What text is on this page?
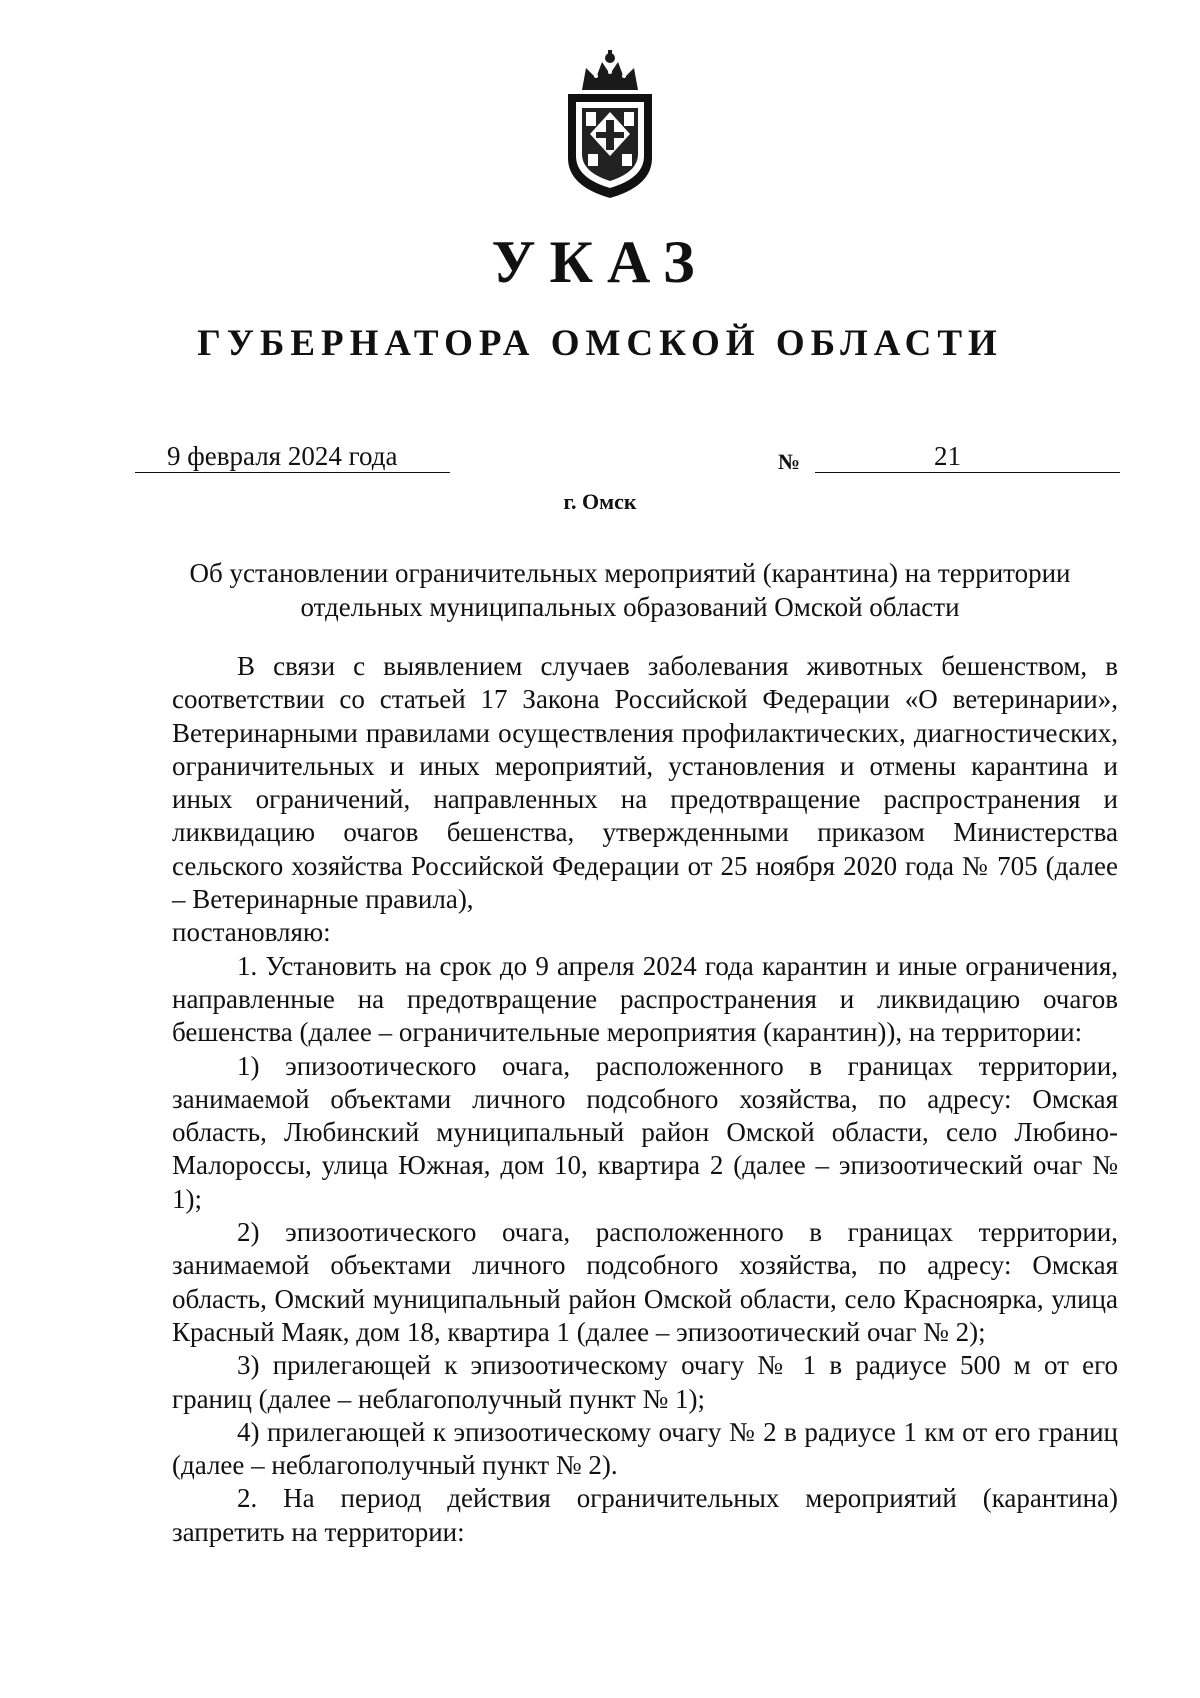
УКАЗ
ГУБЕРНАТОРА ОМСКОЙ ОБЛАСТИ
9 февраля 2024 года	№	21
г. Омск
Об установлении ограничительных мероприятий (карантина) на территории отдельных муниципальных образований Омской области

В связи с выявлением случаев заболевания животных бешенством, в соответствии со статьей 17 Закона Российской Федерации «О ветеринарии», Ветеринарными правилами осуществления профилактических, диагностических, ограничительных и иных мероприятий, установления и отмены карантина и иных ограничений, направленных на предотвращение распространения и ликвидацию очагов бешенства, утвержденными приказом Министерства сельского хозяйства Российской Федерации от 25 ноября 2020 года № 705 (далее – Ветеринарные правила),

постановляю:

1. Установить на срок до 9 апреля 2024 года карантин и иные ограничения, направленные на предотвращение распространения и ликвидацию очагов бешенства (далее – ограничительные мероприятия (карантин)), на территории:

1) эпизоотического очага, расположенного в границах территории, занимаемой объектами личного подсобного хозяйства, по адресу: Омская область, Любинский муниципальный район Омской области, село Любино-Малороссы, улица Южная, дом 10, квартира 2 (далее – эпизоотический очаг № 1);

2) эпизоотического очага, расположенного в границах территории, занимаемой объектами личного подсобного хозяйства, по адресу: Омская область, Омский муниципальный район Омской области, село Красноярка, улица Красный Маяк, дом 18, квартира 1 (далее – эпизоотический очаг № 2);

3) прилегающей к эпизоотическому очагу № 1 в радиусе 500 м от его границ (далее – неблагополучный пункт № 1);

4) прилегающей к эпизоотическому очагу № 2 в радиусе 1 км от его границ (далее – неблагополучный пункт № 2).

2. На период действия ограничительных мероприятий (карантина) запретить на территории:
